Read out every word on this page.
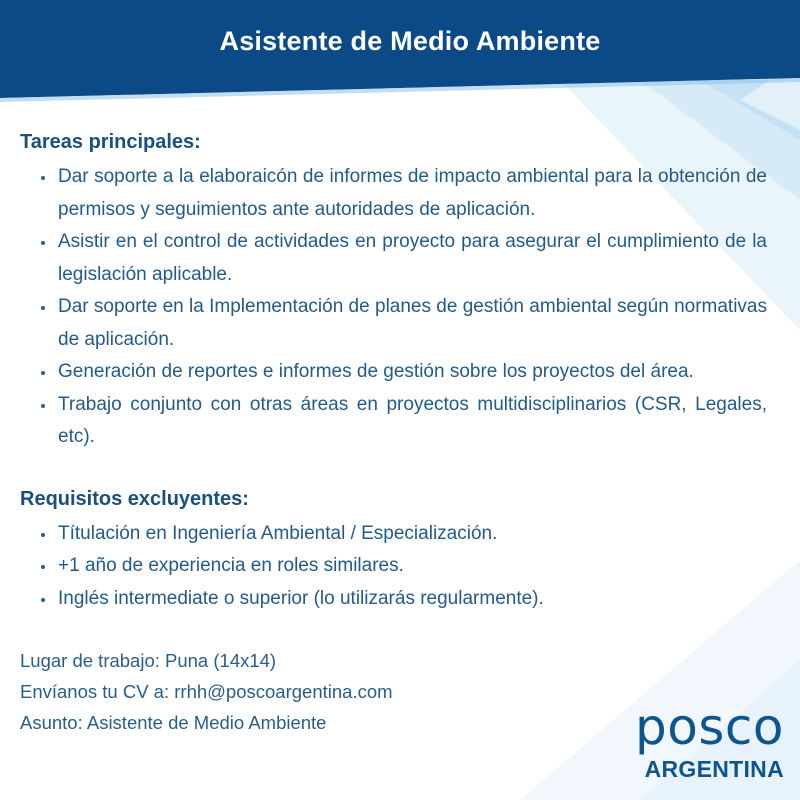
Asistente de Medio Ambiente
Tareas principales:
• Dar soporte a la elaboraicón de informes de impacto ambiental para la obtención de permisos y seguimientos ante autoridades de aplicación.
• Asistir en el control de actividades en proyecto para asegurar el cumplimiento de la legislación aplicable.
• Dar soporte en la Implementación de planes de gestión ambiental según normativas de aplicación.
• Generación de reportes e informes de gestión sobre los proyectos del área.
• Trabajo conjunto con otras áreas en proyectos multidisciplinarios (CSR, Legales, etc).
Requisitos excluyentes:
• Títulación en Ingeniería Ambiental / Especialización.
• +1 año de experiencia en roles similares.
• Inglés intermediate o superior (lo utilizarás regularmente).
Lugar de trabajo: Puna (14x14)
Envíanos tu CV a: rrhh@poscoargentina.com
Asunto: Asistente de Medio Ambiente	posco
ARGENTINA
